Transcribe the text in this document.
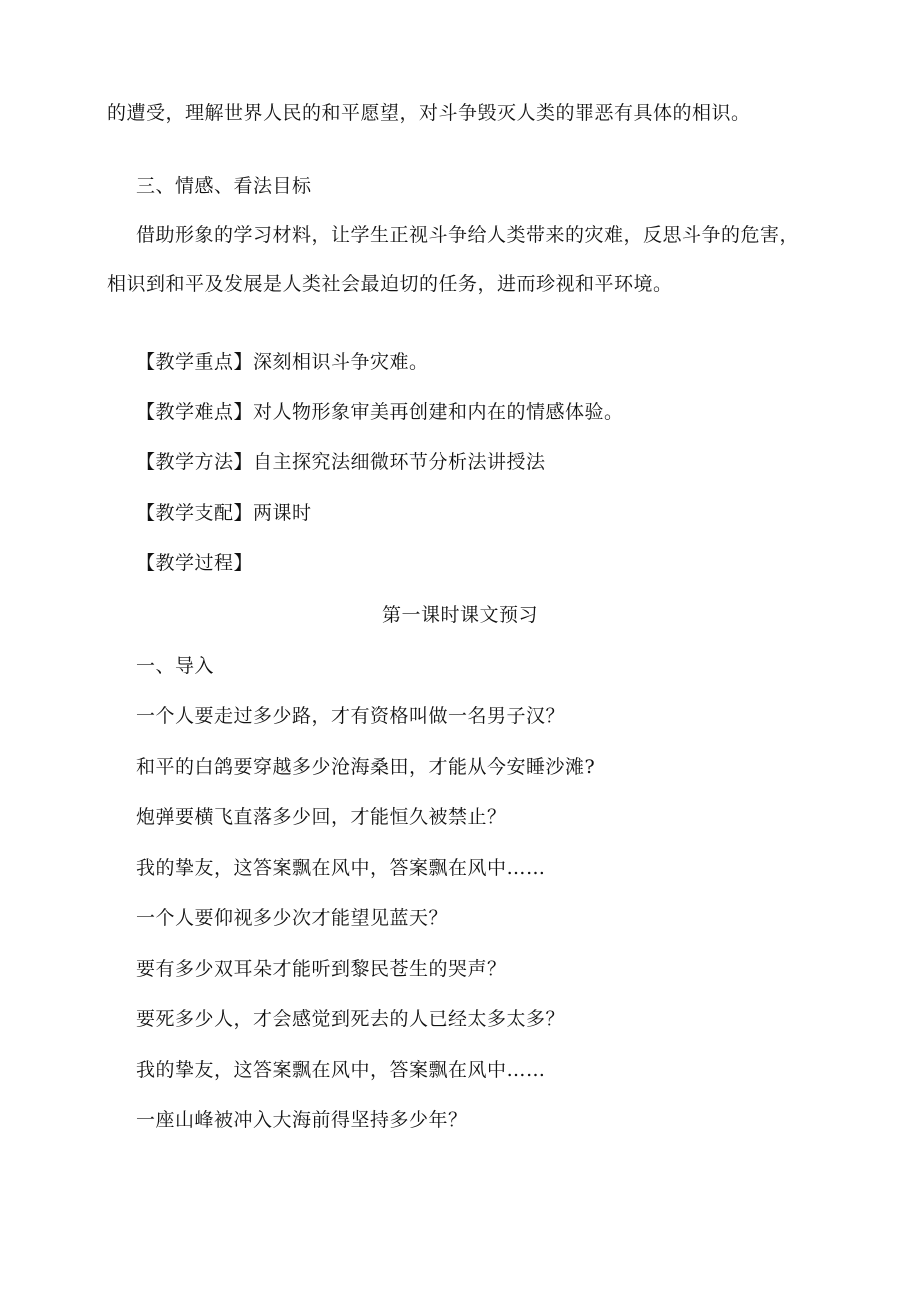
的遭受，理解世界人民的和平愿望，对斗争毁灭人类的罪恶有具体的相识。
三、情感、看法目标
借助形象的学习材料，让学生正视斗争给人类带来的灾难，反思斗争的危害，
相识到和平及发展是人类社会最迫切的任务，进而珍视和平环境。
【教学重点】深刻相识斗争灾难。
【教学难点】对人物形象审美再创建和内在的情感体验。
【教学方法】自主探究法细微环节分析法讲授法
【教学支配】两课时
【教学过程】
第一课时课文预习
一、导入
一个人要走过多少路，才有资格叫做一名男子汉？
和平的白鸽要穿越多少沧海桑田，才能从今安睡沙滩?
炮弹要横飞直落多少回，才能恒久被禁止？
我的挚友，这答案飘在风中，答案飘在风中……
一个人要仰视多少次才能望见蓝天？
要有多少双耳朵才能听到黎民苍生的哭声？
要死多少人，才会感觉到死去的人已经太多太多？
我的挚友，这答案飘在风中，答案飘在风中……
一座山峰被冲入大海前得坚持多少年？
